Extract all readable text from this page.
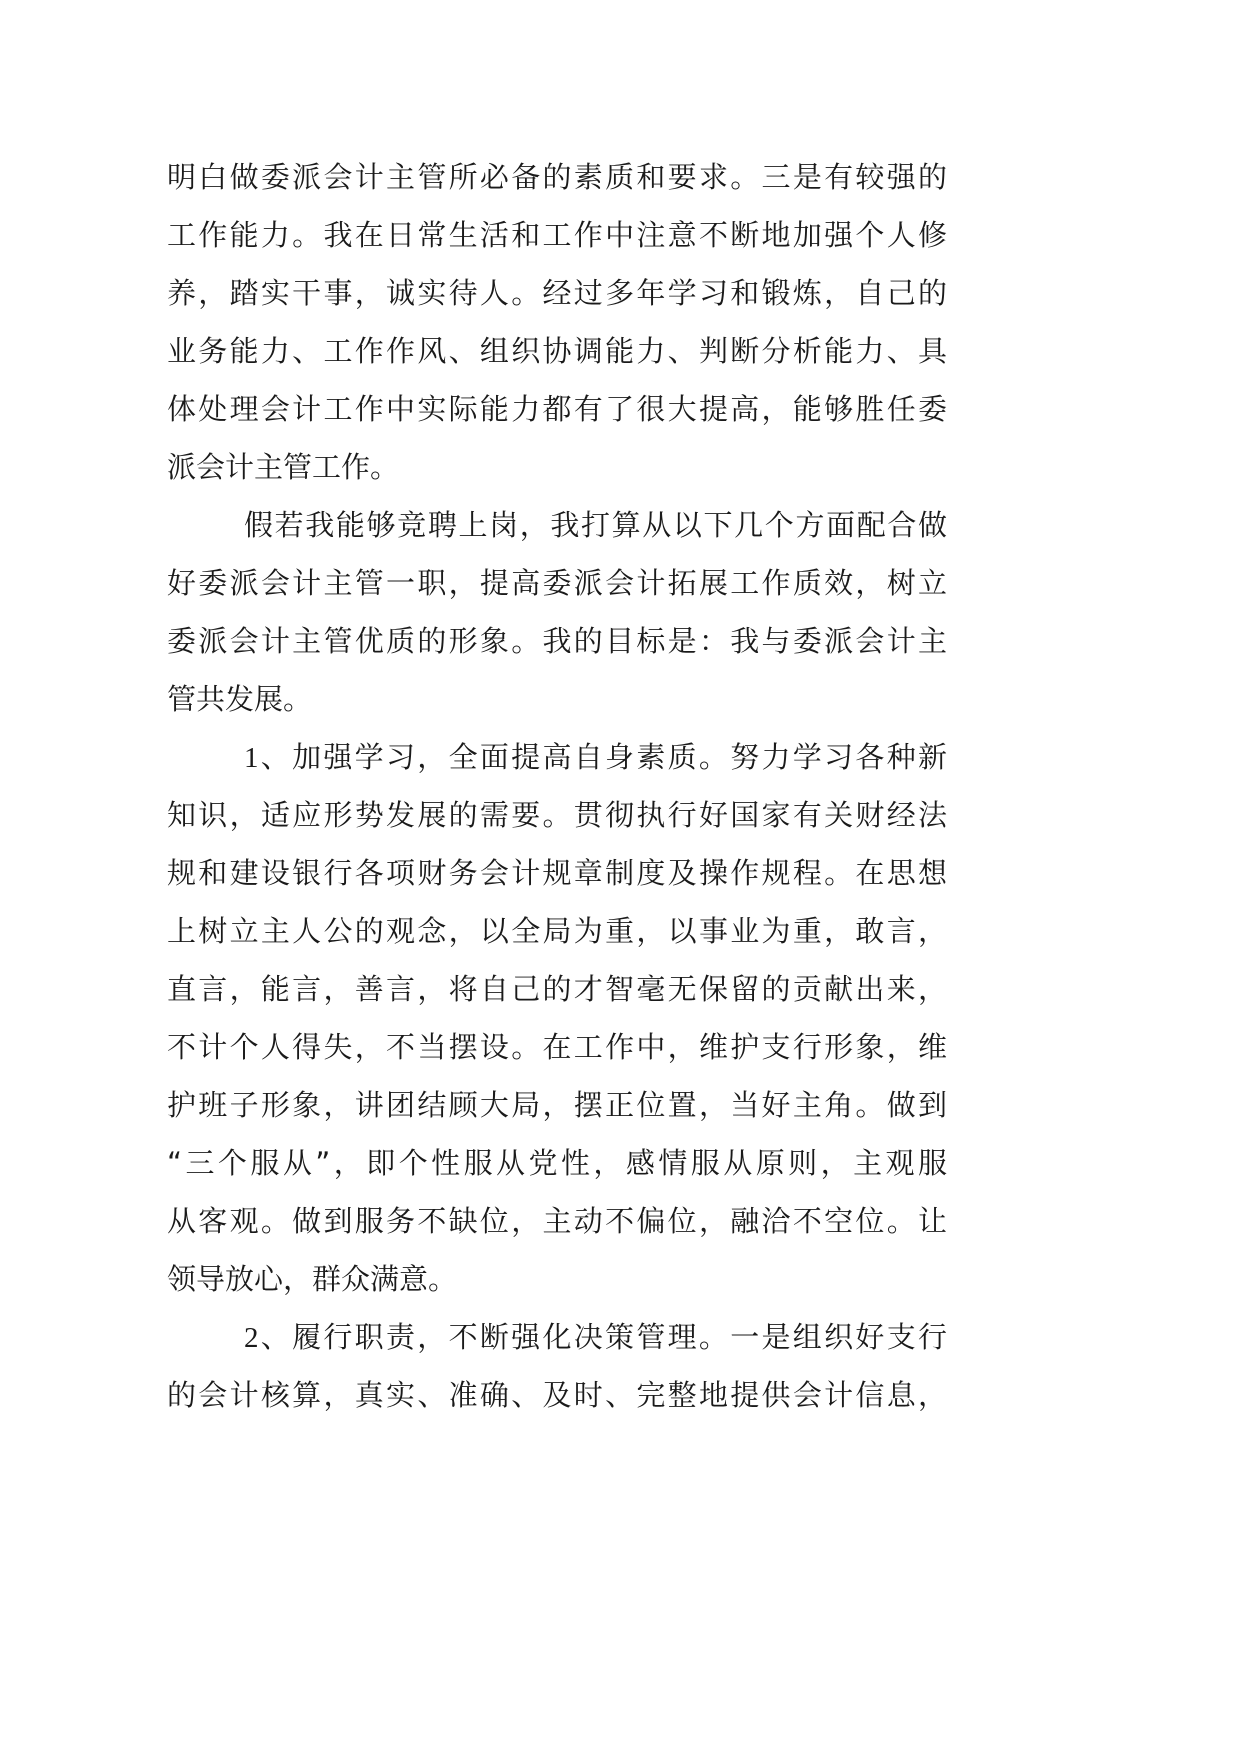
明白做委派会计主管所必备的素质和要求。三是有较强的
工作能力。我在日常生活和工作中注意不断地加强个人修
养，踏实干事，诚实待人。经过多年学习和锻炼，自己的
业务能力、工作作风、组织协调能力、判断分析能力、具
体处理会计工作中实际能力都有了很大提高，能够胜任委
派会计主管工作。

假若我能够竞聘上岗，我打算从以下几个方面配合做
好委派会计主管一职，提高委派会计拓展工作质效，树立
委派会计主管优质的形象。我的目标是：我与委派会计主
管共发展。

1、加强学习，全面提高自身素质。努力学习各种新
知识，适应形势发展的需要。贯彻执行好国家有关财经法
规和建设银行各项财务会计规章制度及操作规程。在思想
上树立主人公的观念，以全局为重，以事业为重，敢言，
直言，能言，善言，将自己的才智毫无保留的贡献出来，
不计个人得失，不当摆设。在工作中，维护支行形象，维
护班子形象，讲团结顾大局，摆正位置，当好主角。做到
“三个服从”，即个性服从党性，感情服从原则，主观服
从客观。做到服务不缺位，主动不偏位，融洽不空位。让
领导放心，群众满意。

2、履行职责，不断强化决策管理。一是组织好支行
的会计核算，真实、准确、及时、完整地提供会计信息，
